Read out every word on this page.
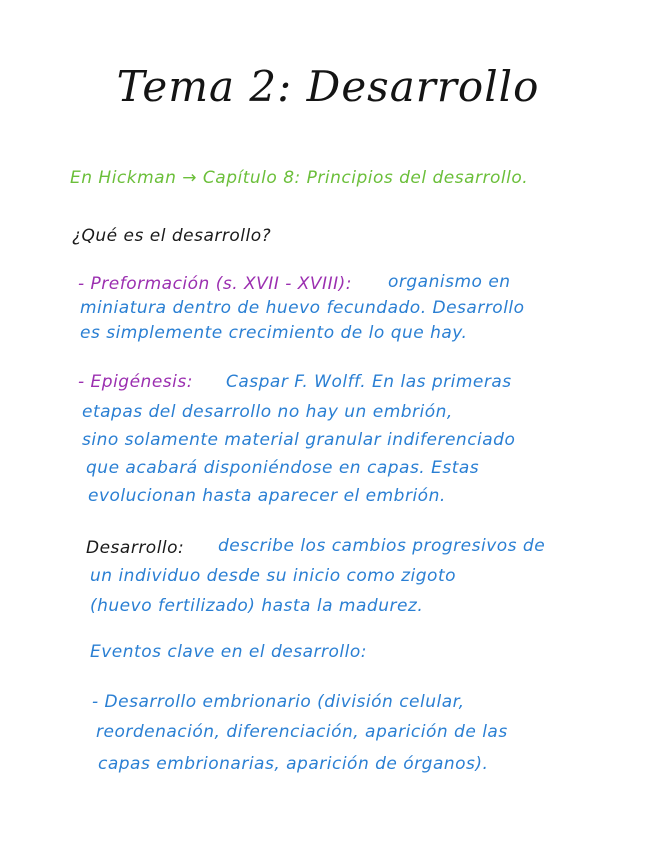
Tema 2: Desarrollo
En Hickman → Capítulo 8: Principios del desarrollo.
¿Qué es el desarrollo?
- Preformación (s. XVII - XVIII): organismo en
miniatura dentro de huevo fecundado. Desarrollo
es simplemente crecimiento de lo que hay.
- Epigénesis: Caspar F. Wolff. En las primeras
etapas del desarrollo no hay un embrión,
sino solamente material granular indiferenciado
que acabará disponiéndose en capas. Estas
evolucionan hasta aparecer el embrión.
Desarrollo: describe los cambios progresivos de
un individuo desde su inicio como zigoto
(huevo fertilizado) hasta la madurez.
Eventos clave en el desarrollo:
- Desarrollo embrionario (división celular,
reordenación, diferenciación, aparición de las
capas embrionarias, aparición de órganos).
